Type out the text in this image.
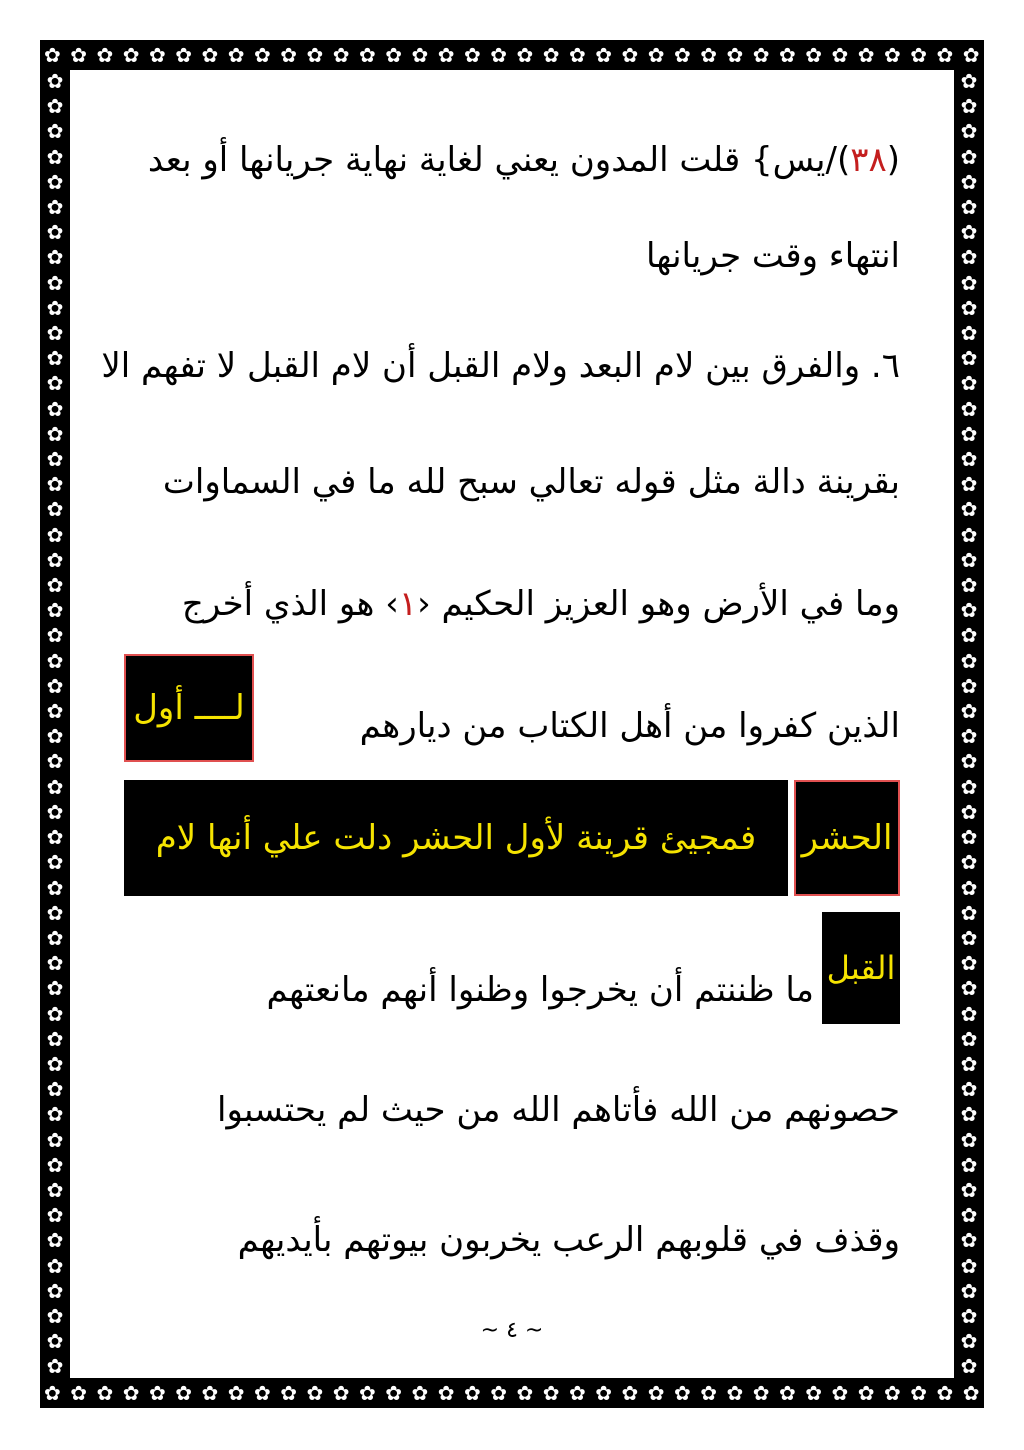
✿ ✿ ✿ ✿ ✿ ✿ ✿ ✿ ✿ ✿ ✿ ✿ ✿ ✿ ✿ ✿ ✿ ✿ ✿ ✿ ✿ ✿ ✿ ✿ ✿ ✿ ✿ ✿ ✿ ✿ ✿ ✿ ✿ ✿ ✿ ✿
✿ ✿ ✿ ✿ ✿ ✿ ✿ ✿ ✿ ✿ ✿ ✿ ✿ ✿ ✿ ✿ ✿ ✿ ✿ ✿ ✿ ✿ ✿ ✿ ✿ ✿ ✿ ✿ ✿ ✿ ✿ ✿ ✿ ✿ ✿ ✿
✿
✿
✿
✿
✿
✿
✿
✿
✿
✿
✿
✿
✿
✿
✿
✿
✿
✿
✿
✿
✿
✿
✿
✿
✿
✿
✿
✿
✿
✿
✿
✿
✿
✿
✿
✿
✿
✿
✿
✿
✿
✿
✿
✿
✿
✿
✿
✿
✿
✿
✿
✿
✿
✿
✿
✿
✿
✿
✿
✿
✿
✿
✿
✿
✿
✿
✿
✿
✿
✿
✿
✿
✿
✿
✿
✿
✿
✿
✿
✿
✿
✿
✿
✿
✿
✿
✿
✿
✿
✿
✿
✿
✿
✿
✿
✿
✿
✿
✿
✿
✿
✿
✿
✿
(٣٨)/يس} قلت المدون يعني لغاية نهاية جريانها أو بعد
انتهاء وقت جريانها
٦. والفرق بين لام البعد ولام القبل أن لام القبل لا تفهم الا
بقرينة دالة مثل قوله تعالي سبح لله ما في السماوات
وما في الأرض وهو العزيز الحكيم ‹١› هو الذي أخرج
الذين كفروا من أهل الكتاب من ديارهم
لــــ أول
فمجيئ قرينة لأول الحشر دلت علي أنها لام	الحشر
القبل
ما ظننتم أن يخرجوا وظنوا أنهم مانعتهم
حصونهم من الله فأتاهم الله من حيث لم يحتسبوا
وقذف في قلوبهم الرعب يخربون بيوتهم بأيديهم
~ ٤ ~
